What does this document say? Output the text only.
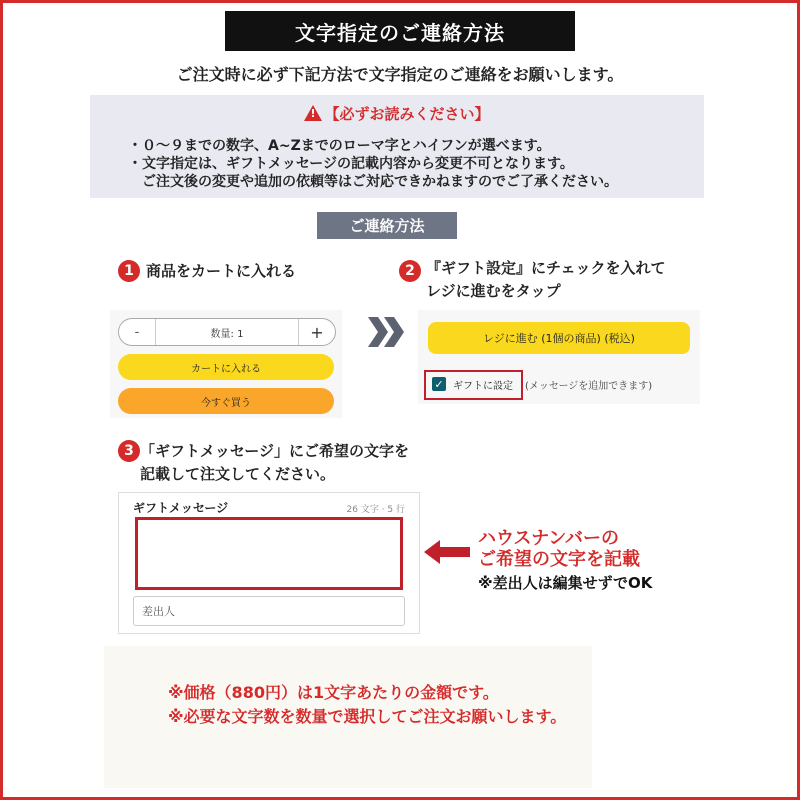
文字指定のご連絡方法
ご注文時に必ず下記方法で文字指定のご連絡をお願いします。
!【必ずお読みください】
・０～９までの数字、A~Zまでのローマ字とハイフンが選べます。
・文字指定は、ギフトメッセージの記載内容から変更不可となります。
　ご注文後の変更や追加の依頼等はご対応できかねますのでご了承ください。
ご連絡方法
1 商品をカートに入れる	2 『ギフト設定』にチェックを入れて
レジに進むをタップ
-	数量: 1	+
カートに入れる
今すぐ買う
レジに進む (1個の商品) (税込)
✓ ギフトに設定 (メッセージを追加できます)
3 「ギフトメッセージ」にご希望の文字を
記載して注文してください。
ギフトメッセージ	26 文字 · 5 行
差出人
ハウスナンバーの
ご希望の文字を記載
※差出人は編集せずでOK
※価格（880円）は1文字あたりの金額です。
※必要な文字数を数量で選択してご注文お願いします。
